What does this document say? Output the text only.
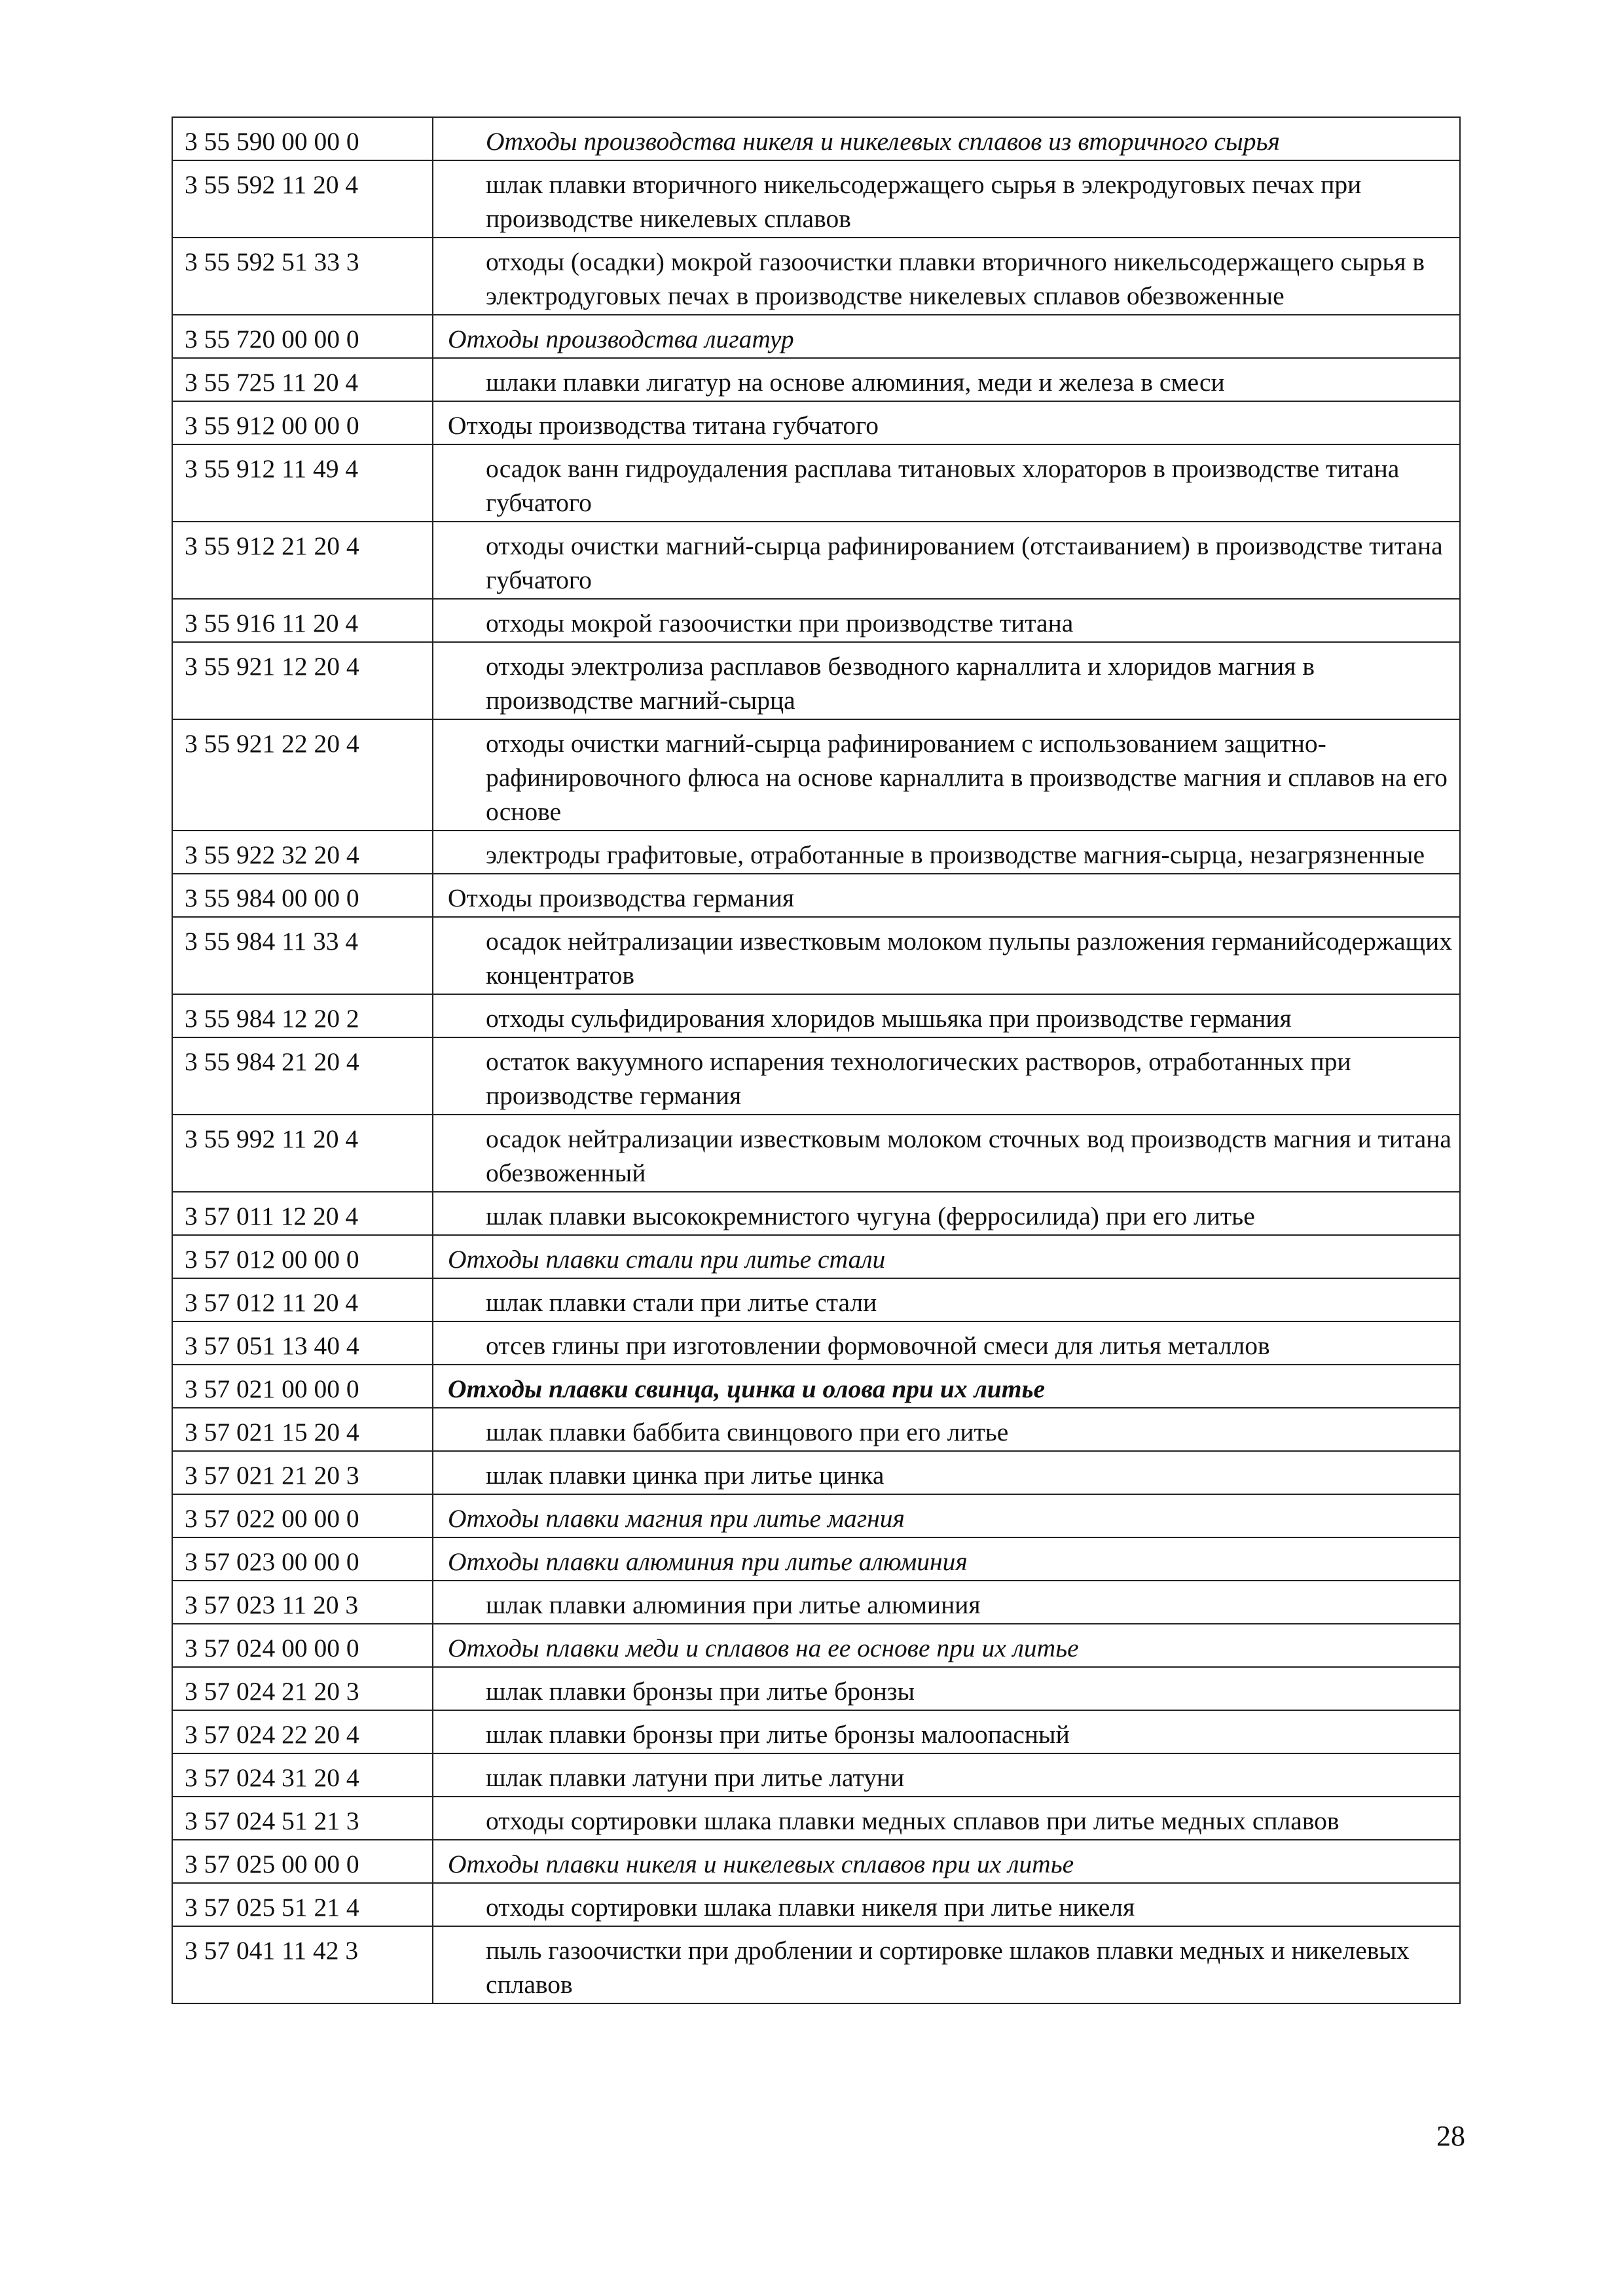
3 55 590 00 00 0	Отходы производства никеля и никелевых сплавов из вторичного сырья
3 55 592 11 20 4	шлак плавки вторичного никельсодержащего сырья в элекродуговых печах при производстве никелевых сплавов
3 55 592 51 33 3	отходы (осадки) мокрой газоочистки плавки вторичного никельсодержащего сырья в электродуговых печах в производстве никелевых сплавов обезвоженные
3 55 720 00 00 0	Отходы производства лигатур
3 55 725 11 20 4	шлаки плавки лигатур на основе алюминия, меди и железа в смеси
3 55 912 00 00 0	Отходы производства титана губчатого
3 55 912 11 49 4	осадок ванн гидроудаления расплава титановых хлораторов в производстве титана губчатого
3 55 912 21 20 4	отходы очистки магний-сырца рафинированием (отстаиванием) в производстве титана губчатого
3 55 916 11 20 4	отходы мокрой газоочистки при производстве титана
3 55 921 12 20 4	отходы электролиза расплавов безводного карналлита и хлоридов магния в производстве магний-сырца
3 55 921 22 20 4	отходы очистки магний-сырца рафинированием с использованием защитно-рафинировочного флюса на основе карналлита в производстве магния и сплавов на его основе
3 55 922 32 20 4	электроды графитовые, отработанные в производстве магния-сырца, незагрязненные
3 55 984 00 00 0	Отходы производства германия
3 55 984 11 33 4	осадок нейтрализации известковым молоком пульпы разложения германийсодержащих концентратов
3 55 984 12 20 2	отходы сульфидирования хлоридов мышьяка при производстве германия
3 55 984 21 20 4	остаток вакуумного испарения технологических растворов, отработанных при производстве германия
3 55 992 11 20 4	осадок нейтрализации известковым молоком сточных вод производств магния и титана обезвоженный
3 57 011 12 20 4	шлак плавки высококремнистого чугуна (ферросилида) при его литье
3 57 012 00 00 0	Отходы плавки стали при литье стали
3 57 012 11 20 4	шлак плавки стали при литье стали
3 57 051 13 40 4	отсев глины при изготовлении формовочной смеси для литья металлов
3 57 021 00 00 0	Отходы плавки свинца, цинка и олова при их литье
3 57 021 15 20 4	шлак плавки баббита свинцового при его литье
3 57 021 21 20 3	шлак плавки цинка при литье цинка
3 57 022 00 00 0	Отходы плавки магния при литье магния
3 57 023 00 00 0	Отходы плавки алюминия при литье алюминия
3 57 023 11 20 3	шлак плавки алюминия при литье алюминия
3 57 024 00 00 0	Отходы плавки меди и сплавов на ее основе при их литье
3 57 024 21 20 3	шлак плавки бронзы при литье бронзы
3 57 024 22 20 4	шлак плавки бронзы при литье бронзы малоопасный
3 57 024 31 20 4	шлак плавки латуни при литье латуни
3 57 024 51 21 3	отходы сортировки шлака плавки медных сплавов при литье медных сплавов
3 57 025 00 00 0	Отходы плавки никеля и никелевых сплавов при их литье
3 57 025 51 21 4	отходы сортировки шлака плавки никеля при литье никеля
3 57 041 11 42 3	пыль газоочистки при дроблении и сортировке шлаков плавки медных и никелевых сплавов
28
